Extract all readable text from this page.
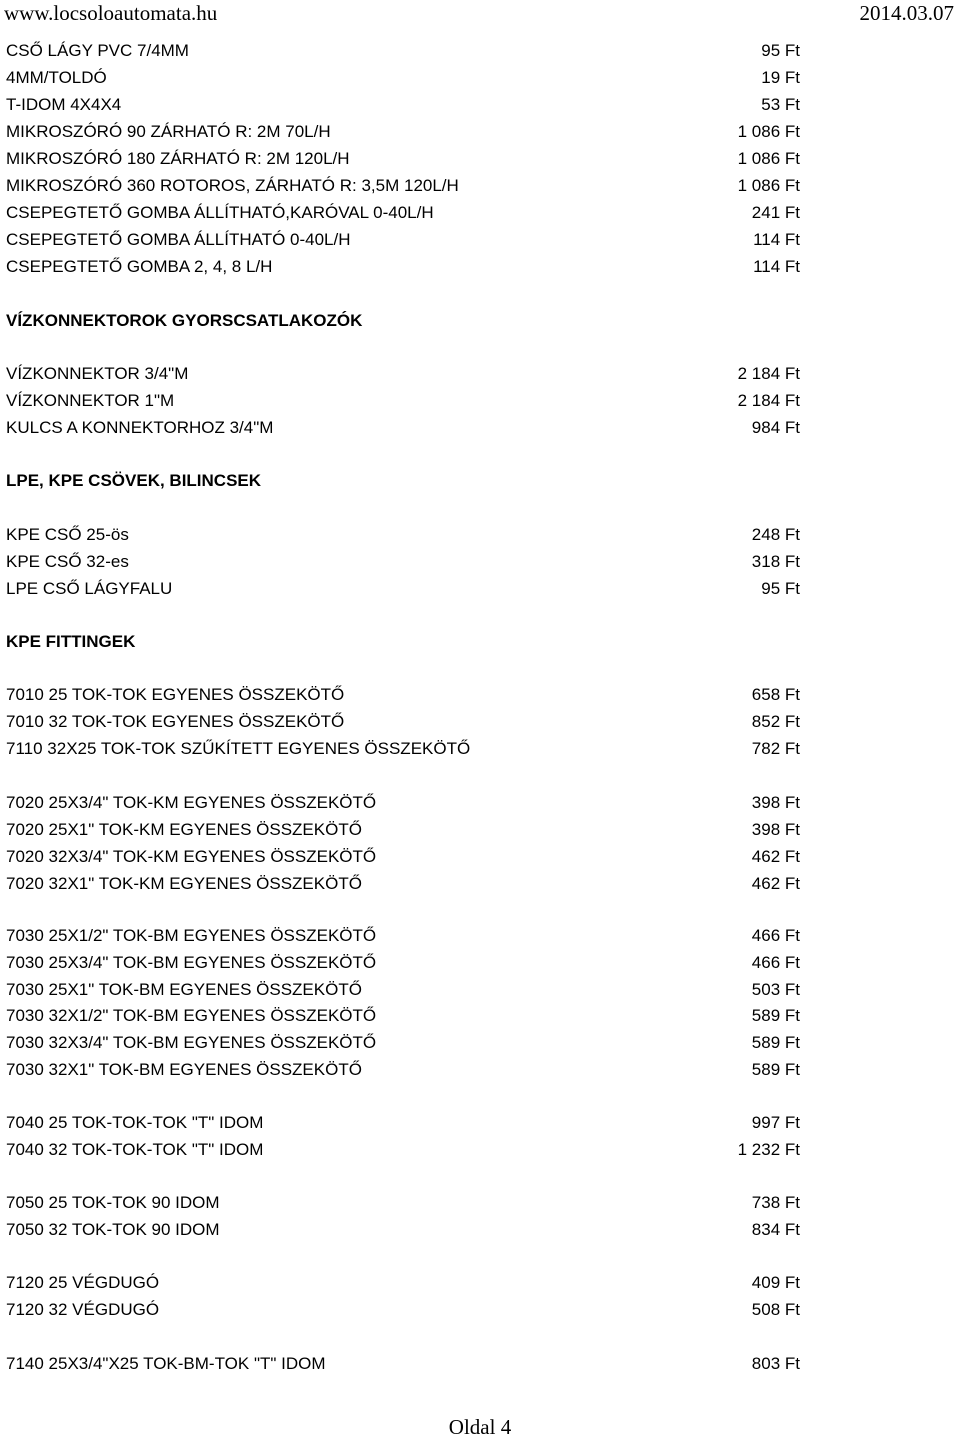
www.locsoloautomata.hu	2014.03.07
CSŐ LÁGY PVC 7/4MM	95 Ft
4MM/TOLDÓ	19 Ft
T-IDOM 4X4X4	53 Ft
MIKROSZÓRÓ 90 ZÁRHATÓ R: 2M 70L/H	1 086 Ft
MIKROSZÓRÓ 180 ZÁRHATÓ R: 2M 120L/H	1 086 Ft
MIKROSZÓRÓ 360 ROTOROS, ZÁRHATÓ R: 3,5M 120L/H	1 086 Ft
CSEPEGTETŐ GOMBA ÁLLÍTHATÓ,KARÓVAL 0-40L/H	241 Ft
CSEPEGTETŐ GOMBA ÁLLÍTHATÓ 0-40L/H	114 Ft
CSEPEGTETŐ GOMBA 2, 4, 8 L/H	114 Ft
VÍZKONNEKTOROK GYORSCSATLAKOZÓK
VÍZKONNEKTOR 3/4"M	2 184 Ft
VÍZKONNEKTOR 1"M	2 184 Ft
KULCS A KONNEKTORHOZ 3/4"M	984 Ft
LPE, KPE CSÖVEK, BILINCSEK
KPE CSŐ 25-ös	248 Ft
KPE CSŐ 32-es	318 Ft
LPE CSŐ LÁGYFALU	95 Ft
KPE FITTINGEK
7010 25 TOK-TOK EGYENES ÖSSZEKÖTŐ	658 Ft
7010 32 TOK-TOK EGYENES ÖSSZEKÖTŐ	852 Ft
7110 32X25 TOK-TOK SZŰKÍTETT EGYENES ÖSSZEKÖTŐ	782 Ft
7020 25X3/4" TOK-KM EGYENES ÖSSZEKÖTŐ	398 Ft
7020 25X1" TOK-KM EGYENES ÖSSZEKÖTŐ	398 Ft
7020 32X3/4" TOK-KM EGYENES ÖSSZEKÖTŐ	462 Ft
7020 32X1" TOK-KM EGYENES ÖSSZEKÖTŐ	462 Ft
7030 25X1/2" TOK-BM EGYENES ÖSSZEKÖTŐ	466 Ft
7030 25X3/4" TOK-BM EGYENES ÖSSZEKÖTŐ	466 Ft
7030 25X1" TOK-BM EGYENES ÖSSZEKÖTŐ	503 Ft
7030 32X1/2" TOK-BM EGYENES ÖSSZEKÖTŐ	589 Ft
7030 32X3/4" TOK-BM EGYENES ÖSSZEKÖTŐ	589 Ft
7030 32X1" TOK-BM EGYENES ÖSSZEKÖTŐ	589 Ft
7040 25 TOK-TOK-TOK "T" IDOM	997 Ft
7040 32 TOK-TOK-TOK "T" IDOM	1 232 Ft
7050 25 TOK-TOK 90 IDOM	738 Ft
7050 32 TOK-TOK 90 IDOM	834 Ft
7120 25 VÉGDUGÓ	409 Ft
7120 32 VÉGDUGÓ	508 Ft
7140 25X3/4"X25 TOK-BM-TOK "T" IDOM	803 Ft
Oldal 4
